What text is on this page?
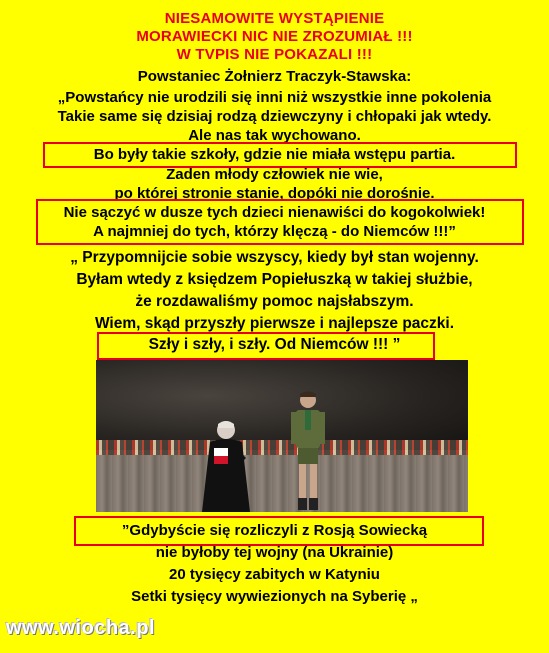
NIESAMOWITE WYSTĄPIENIE
MORAWIECKI NIC NIE ZROZUMIAŁ !!!
W TVPIS NIE POKAZALI !!!
Powstaniec Żołnierz Traczyk-Stawska:
„Powstańcy nie urodzili się inni niż wszystkie inne pokolenia
Takie same się dzisiaj rodzą dziewczyny i chłopaki jak wtedy.
Ale nas tak wychowano.
Bo były takie szkoły, gdzie nie miała wstępu partia.
Żaden młody człowiek nie wie,
po której stronie stanie, dopóki nie dorośnie.
Nie sączyć w dusze tych dzieci nienawiści do kogokolwiek!
A najmniej do tych, którzy klęczą - do Niemców !!!”
„ Przypomnijcie sobie wszyscy, kiedy był stan wojenny.
Byłam wtedy z księdzem Popiełuszką w takiej służbie,
że rozdawaliśmy pomoc najsłabszym.
Wiem, skąd przyszły pierwsze i najlepsze paczki.
Szły i szły, i szły. Od Niemców !!! ”
”Gdybyście się rozliczyli z Rosją Sowiecką
nie byłoby tej wojny (na Ukrainie)
20 tysięcy zabitych w Katyniu
Setki tysięcy wywiezionych na Syberię „
www.wiocha.pl
